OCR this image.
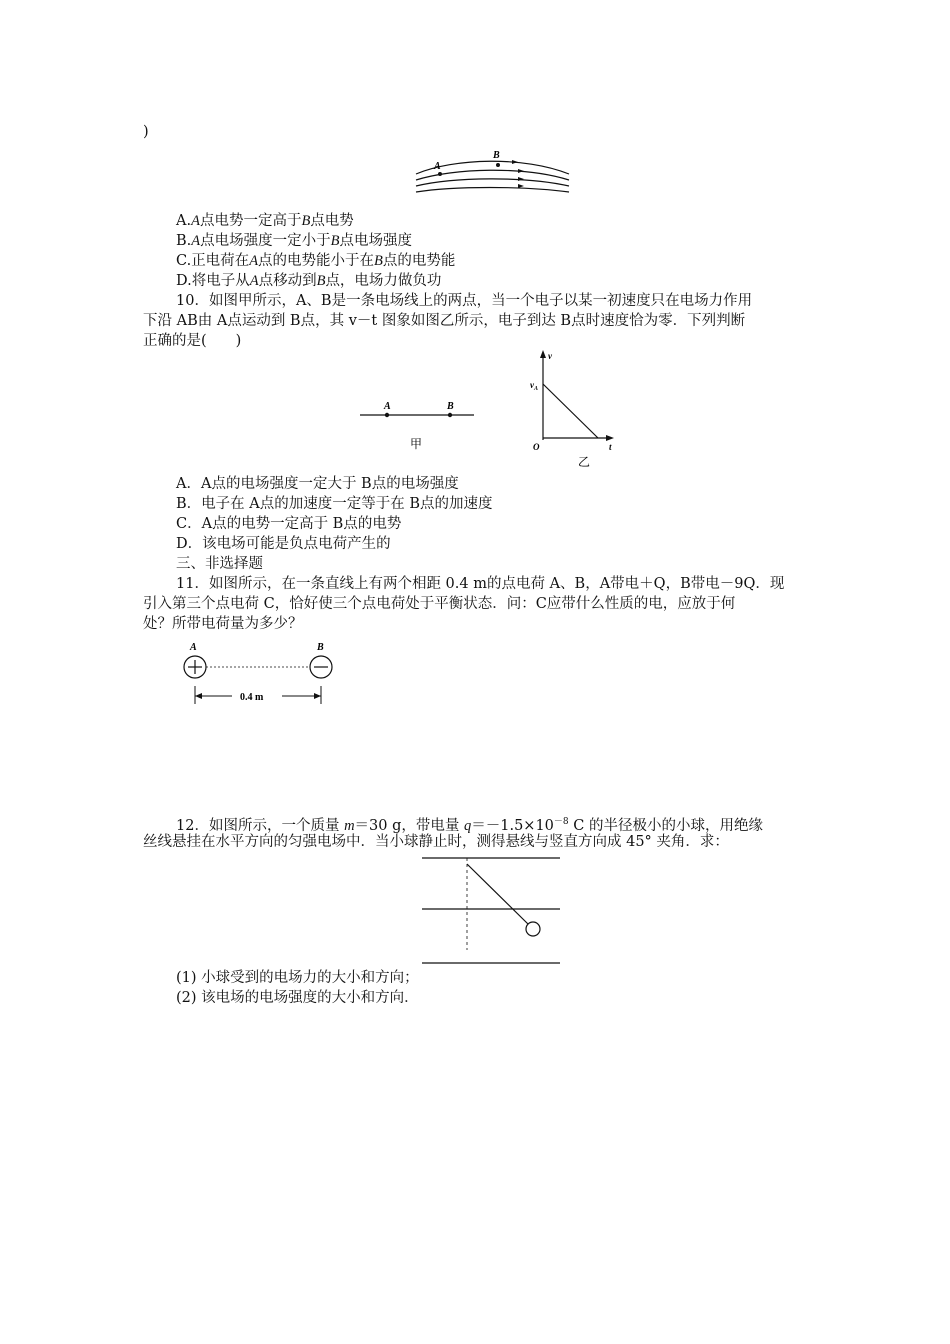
)
A
B
A.A点电势一定高于B点电势
B.A点电场强度一定小于B点电场强度
C.正电荷在A点的电势能小于在B点的电势能
D.将电子从A点移动到B点，电场力做负功
10．如图甲所示，A、B是一条电场线上的两点，当一个电子以某一初速度只在电场力作用
下沿 AB由 A点运动到 B点，其 v－t 图象如图乙所示，电子到达 B点时速度恰为零．下列判断
正确的是(　　)
A	B
甲
v
$v_A$
O	t
乙
A．A点的电场强度一定大于 B点的电场强度
B．电子在 A点的加速度一定等于在 B点的加速度
C．A点的电势一定高于 B点的电势
D．该电场可能是负点电荷产生的
三、非选择题
11．如图所示，在一条直线上有两个相距 0.4 m的点电荷 A、B，A带电＋Q，B带电－9Q．现
引入第三个点电荷 C，恰好使三个点电荷处于平衡状态．问：C应带什么性质的电，应放于何
处？所带电荷量为多少？
A	B
0.4 m
12．如图所示，一个质量 m＝30 g，带电量 $q=-1.5\times 10^{-8}$ C 的半径极小的小球，用绝缘
丝线悬挂在水平方向的匀强电场中．当小球静止时，测得悬线与竖直方向成 45° 夹角．求：
(1) 小球受到的电场力的大小和方向；
(2) 该电场的电场强度的大小和方向．
